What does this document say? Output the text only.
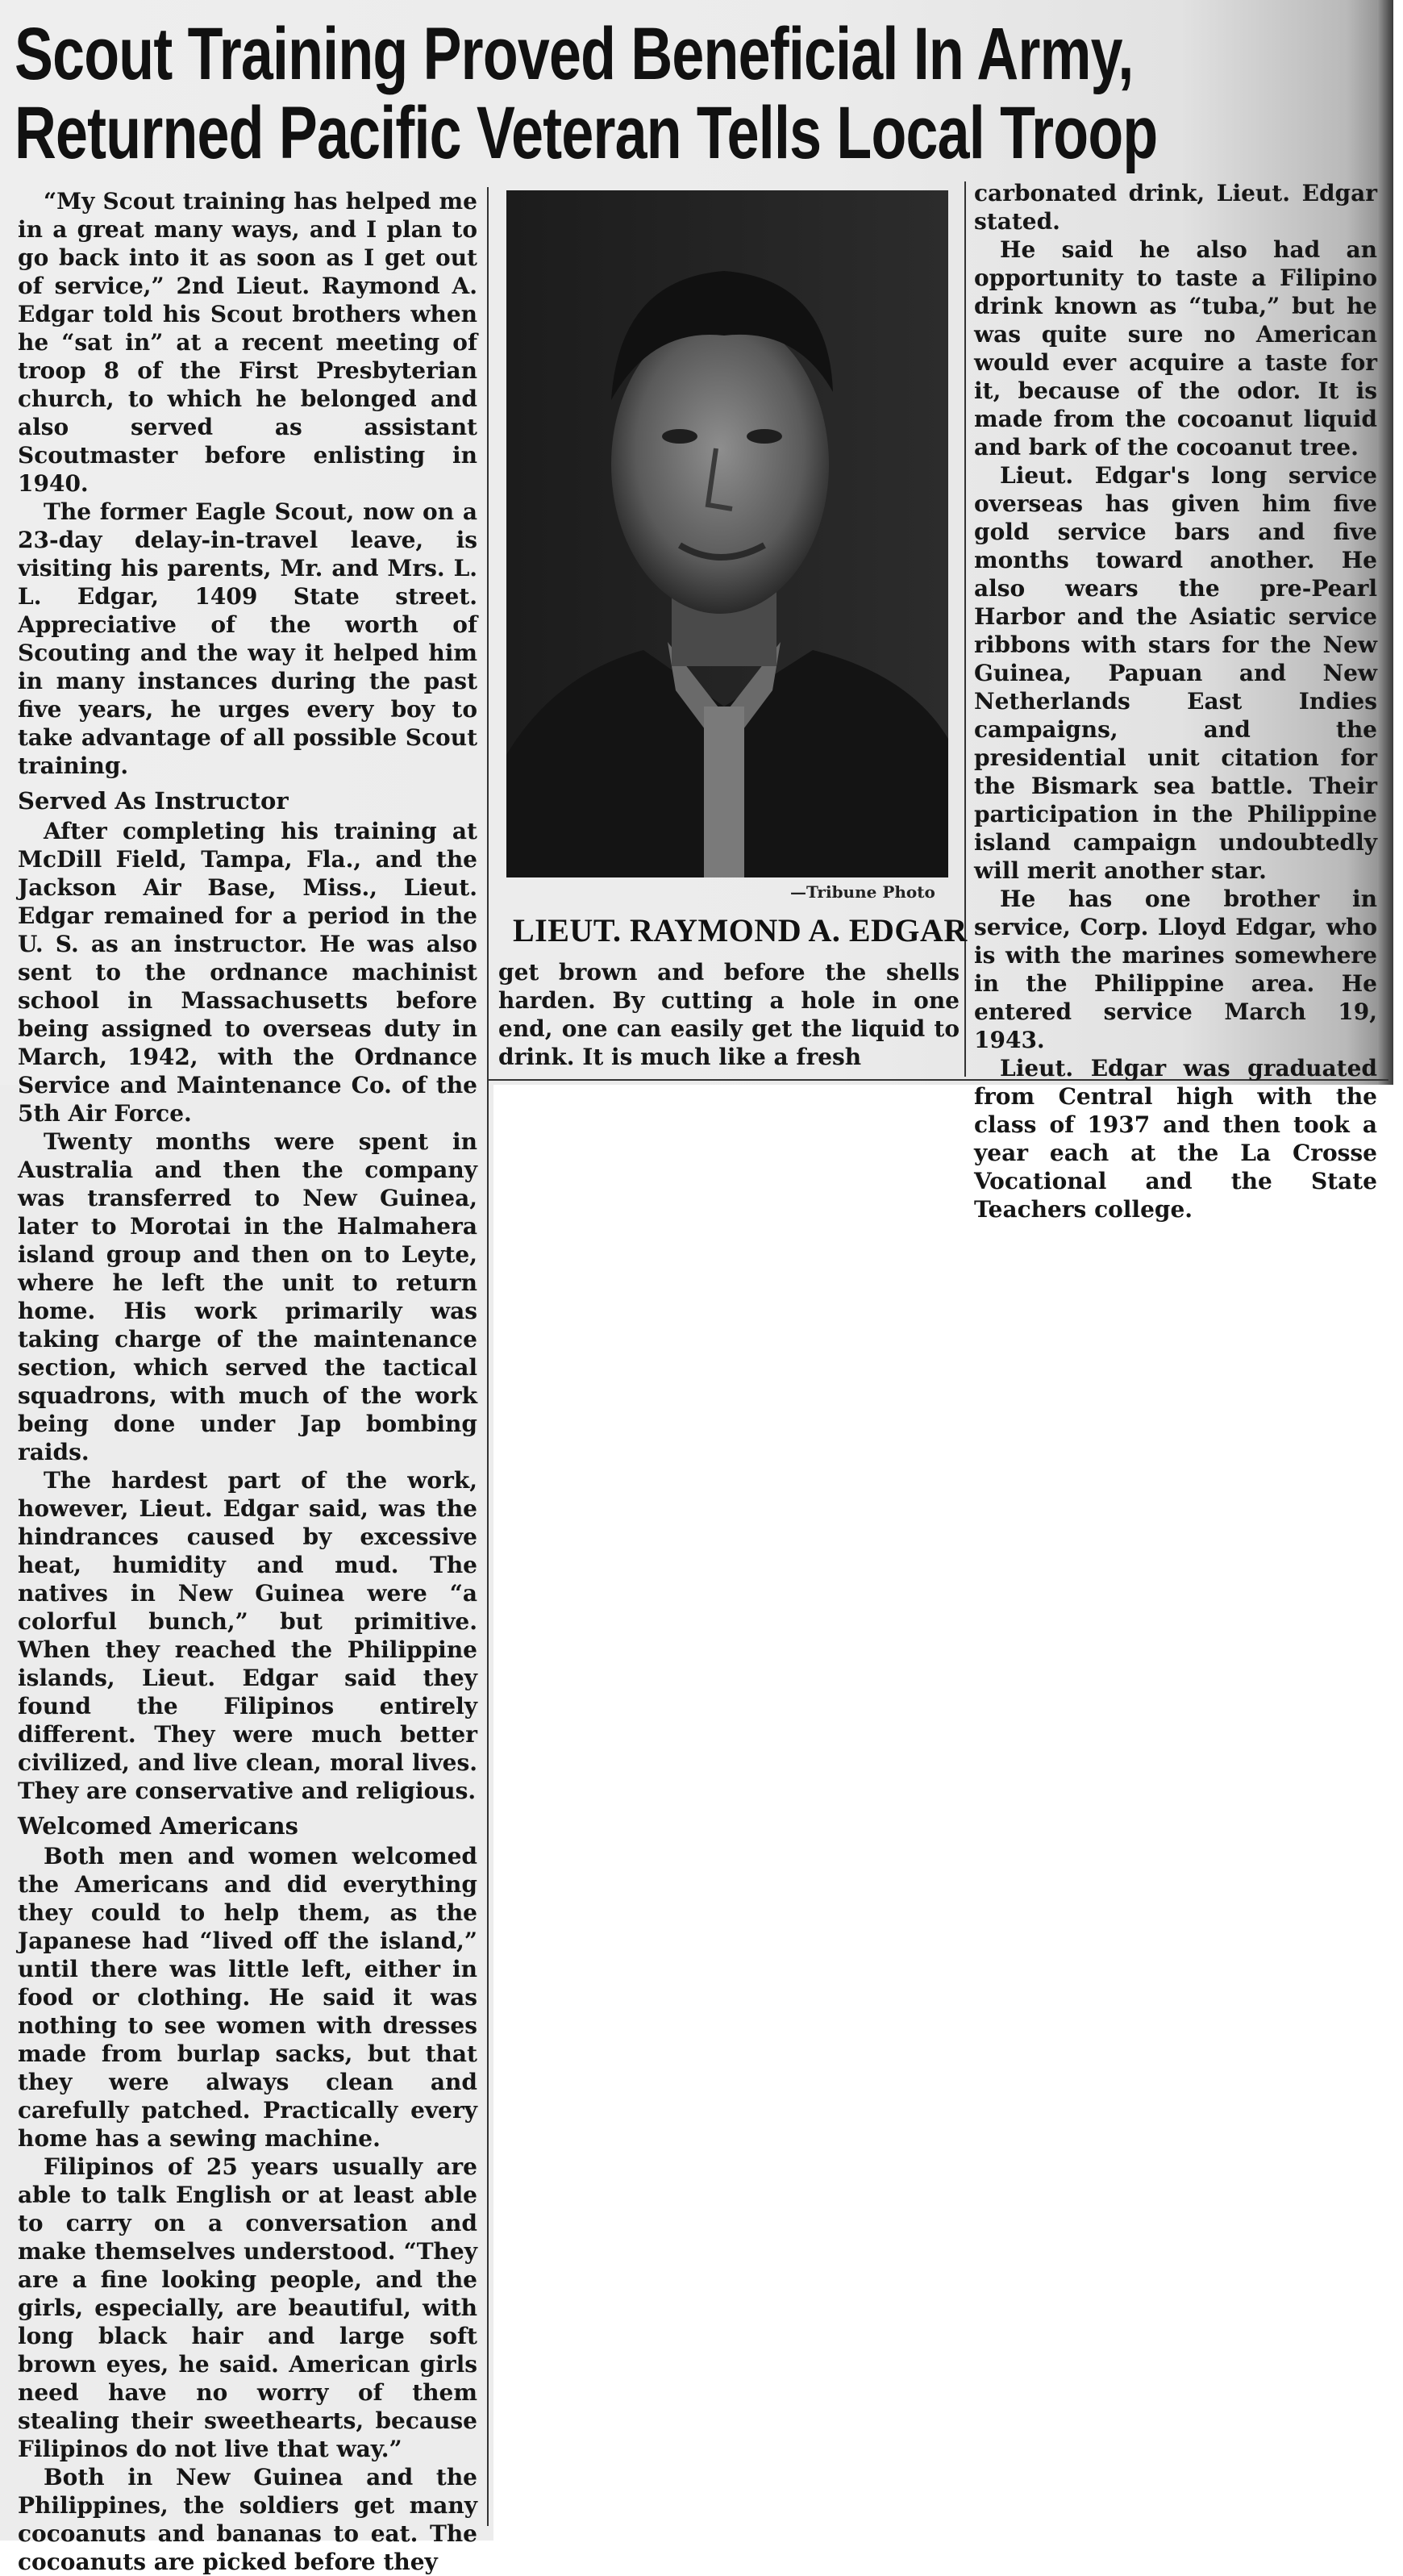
Scout Training Proved Beneficial In Army,
Returned Pacific Veteran Tells Local Troop

“My Scout training has helped me in a great many ways, and I plan to go back into it as soon as I get out of service,” 2nd Lieut. Raymond A. Edgar told his Scout brothers when he “sat in” at a recent meeting of troop 8 of the First Presbyterian church, to which he belonged and also served as assistant Scoutmaster before enlisting in 1940.

The former Eagle Scout, now on a 23-day delay-in-travel leave, is visiting his parents, Mr. and Mrs. L. L. Edgar, 1409 State street. Appreciative of the worth of Scouting and the way it helped him in many instances during the past five years, he urges every boy to take advantage of all possible Scout training.

Served As Instructor

After completing his training at McDill Field, Tampa, Fla., and the Jackson Air Base, Miss., Lieut. Edgar remained for a period in the U. S. as an instructor. He was also sent to the ordnance machinist school in Massachusetts before being assigned to overseas duty in March, 1942, with the Ordnance Service and Maintenance Co. of the 5th Air Force.

Twenty months were spent in Australia and then the company was transferred to New Guinea, later to Morotai in the Halmahera island group and then on to Leyte, where he left the unit to return home. His work primarily was taking charge of the maintenance section, which served the tactical squadrons, with much of the work being done under Jap bombing raids.

The hardest part of the work, however, Lieut. Edgar said, was the hindrances caused by excessive heat, humidity and mud. The natives in New Guinea were “a colorful bunch,” but primitive. When they reached the Philippine islands, Lieut. Edgar said they found the Filipinos entirely different. They were much better civilized, and live clean, moral lives. They are conservative and religious.

Welcomed Americans

Both men and women welcomed the Americans and did everything they could to help them, as the Japanese had “lived off the island,” until there was little left, either in food or clothing. He said it was nothing to see women with dresses made from burlap sacks, but that they were always clean and carefully patched. Practically every home has a sewing machine.

Filipinos of 25 years usually are able to talk English or at least able to carry on a conversation and make themselves understood. “They are a fine looking people, and the girls, especially, are beautiful, with long black hair and large soft brown eyes, he said. American girls need have no worry of them stealing their sweethearts, because Filipinos do not live that way.”

Both in New Guinea and the Philippines, the soldiers get many cocoanuts and bananas to eat. The cocoanuts are picked before they

—Tribune Photo
LIEUT. RAYMOND A. EDGAR

get brown and before the shells harden. By cutting a hole in one end, one can easily get the liquid to drink. It is much like a fresh

carbonated drink, Lieut. Edgar stated.

He said he also had an opportunity to taste a Filipino drink known as “tuba,” but he was quite sure no American would ever acquire a taste for it, because of the odor. It is made from the cocoanut liquid and bark of the cocoanut tree.

Lieut. Edgar's long service overseas has given him five gold service bars and five months toward another. He also wears the pre-Pearl Harbor and the Asiatic service ribbons with stars for the New Guinea, Papuan and New Netherlands East Indies campaigns, and the presidential unit citation for the Bismark sea battle. Their participation in the Philippine island campaign undoubtedly will merit another star.

He has one brother in service, Corp. Lloyd Edgar, who is with the marines somewhere in the Philippine area. He entered service March 19, 1943.

Lieut. Edgar was graduated from Central high with the class of 1937 and then took a year each at the La Crosse Vocational and the State Teachers college.
